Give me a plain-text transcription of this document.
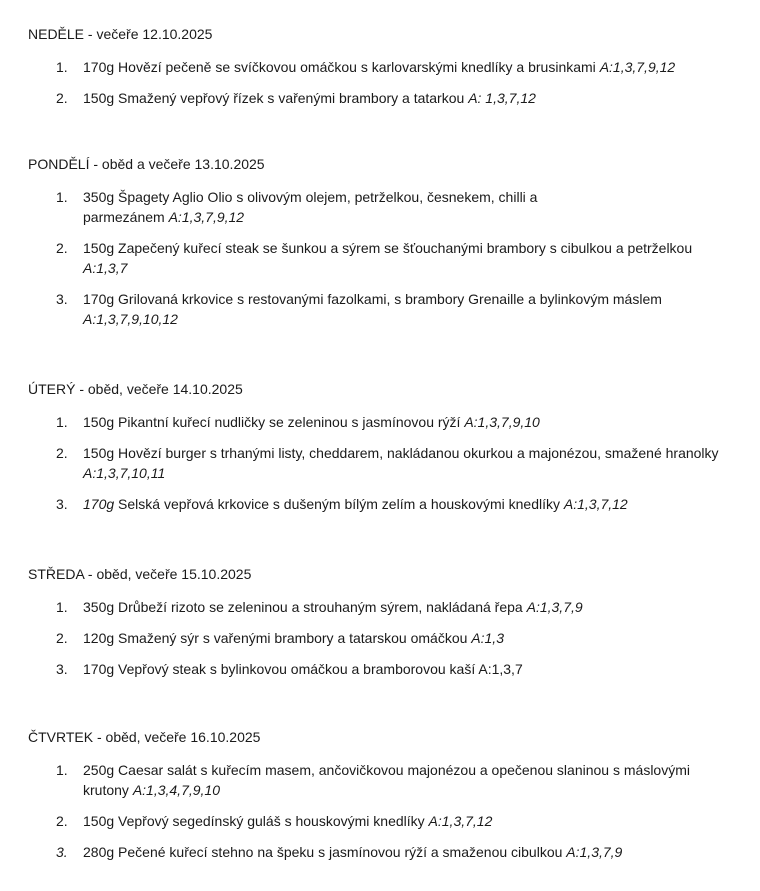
NEDĚLE - večeře 12.10.2025
1. 170g Hovězí pečeně se svíčkovou omáčkou s karlovarskými knedlíky a brusinkami A:1,3,7,9,12
2. 150g Smažený vepřový řízek s vařenými brambory a tatarkou A: 1,3,7,12
PONDĚLÍ - oběd a večeře 13.10.2025
1. 350g Špagety Aglio Olio s olivovým olejem, petrželkou, česnekem, chilli a parmezánem A:1,3,7,9,12
2. 150g Zapečený kuřecí steak se šunkou a sýrem se šťouchanými brambory s cibulkou a petrželkou A:1,3,7
3. 170g Grilovaná krkovice s restovanými fazolkami, s brambory Grenaille a bylinkovým máslem A:1,3,7,9,10,12
ÚTERÝ - oběd, večeře 14.10.2025
1. 150g Pikantní kuřecí nudličky se zeleninou s jasmínovou rýží A:1,3,7,9,10
2. 150g Hovězí burger s trhanými listy, cheddarem, nakládanou okurkou a majonézou, smažené hranolky A:1,3,7,10,11
3. 170g Selská vepřová krkovice s dušeným bílým zelím a houskovými knedlíky A:1,3,7,12
STŘEDA - oběd, večeře 15.10.2025
1. 350g Drůbeží rizoto se zeleninou a strouhaným sýrem, nakládaná řepa A:1,3,7,9
2. 120g Smažený sýr s vařenými brambory a tatarskou omáčkou A:1,3
3. 170g Vepřový steak s bylinkovou omáčkou a bramborovou kaší A:1,3,7
ČTVRTEK - oběd, večeře 16.10.2025
1. 250g Caesar salát s kuřecím masem, ančovičkovou majonézou a opečenou slaninou s máslovými krutony A:1,3,4,7,9,10
2. 150g Vepřový segedínský guláš s houskovými knedlíky A:1,3,7,12
3. 280g Pečené kuřecí stehno na špeku s jasmínovou rýží a smaženou cibulkou A:1,3,7,9
